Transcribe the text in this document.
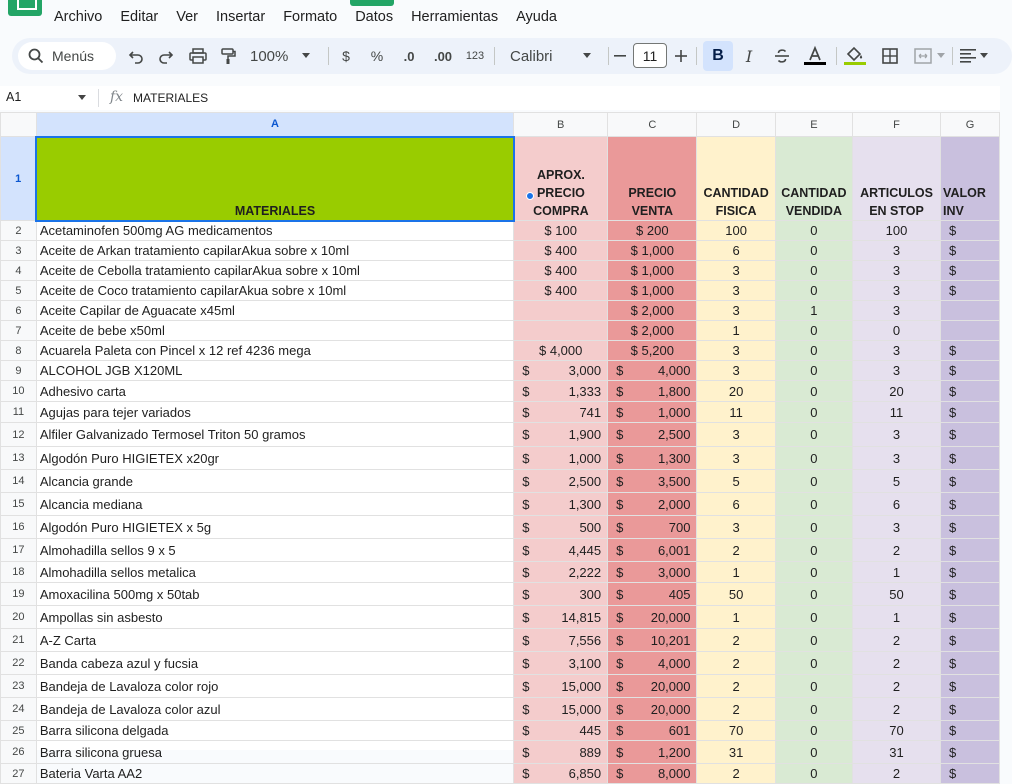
Archivo Editar Ver Insertar Formato Datos Herramientas Ayuda
Menús	100%	$	% .0 .00 123 Calibri	11	B	I
A1	fx MATERIALES
	A	B	C	D	E	F	G
1	MATERIALES	APROX. PRECIO COMPRA	PRECIO VENTA	CANTIDAD FISICA	CANTIDAD VENDIDA	ARTICULOS EN STOP	VALOR INV
2	Acetaminofen 500mg AG medicamentos	$ 100	$ 200	100	0	100	$
3	Aceite de Arkan tratamiento capilarAkua sobre x 10ml	$ 400	$ 1,000	6	0	3	$
4	Aceite de Cebolla tratamiento capilarAkua sobre x 10ml	$ 400	$ 1,000	3	0	3	$
5	Aceite de Coco tratamiento capilarAkua sobre x 10ml	$ 400	$ 1,000	3	0	3	$
6	Aceite Capilar de Aguacate x45ml		$ 2,000	3	1	3	
7	Aceite de bebe x50ml		$ 2,000	1	0	0	
8	Acuarela Paleta con Pincel x 12 ref 4236 mega	$ 4,000	$ 5,200	3	0	3	$
9	ALCOHOL JGB X120ML	$ 3,000	$ 4,000	3	0	3	$
10	Adhesivo carta	$ 1,333	$ 1,800	20	0	20	$
11	Agujas para tejer variados	$ 741	$ 1,000	11	0	11	$
12	Alfiler Galvanizado Termosel Triton 50 gramos	$ 1,900	$ 2,500	3	0	3	$
13	Algodón Puro HIGIETEX x20gr	$ 1,000	$ 1,300	3	0	3	$
14	Alcancia grande	$ 2,500	$ 3,500	5	0	5	$
15	Alcancia mediana	$ 1,300	$ 2,000	6	0	6	$
16	Algodón Puro HIGIETEX x 5g	$ 500	$ 700	3	0	3	$
17	Almohadilla sellos 9 x 5	$ 4,445	$ 6,001	2	0	2	$
18	Almohadilla sellos metalica	$ 2,222	$ 3,000	1	0	1	$
19	Amoxacilina 500mg x 50tab	$ 300	$ 405	50	0	50	$
20	Ampollas sin asbesto	$ 14,815	$ 20,000	1	0	1	$
21	A-Z Carta	$ 7,556	$ 10,201	2	0	2	$
22	Banda cabeza azul y fucsia	$ 3,100	$ 4,000	2	0	2	$
23	Bandeja de Lavaloza color rojo	$ 15,000	$ 20,000	2	0	2	$
24	Bandeja de Lavaloza color azul	$ 15,000	$ 20,000	2	0	2	$
25	Barra silicona delgada	$ 445	$ 601	70	0	70	$
26	Barra silicona gruesa	$ 889	$ 1,200	31	0	31	$
27	Bateria Varta AA2	$ 6,850	$ 8,000	2	0	2	$
